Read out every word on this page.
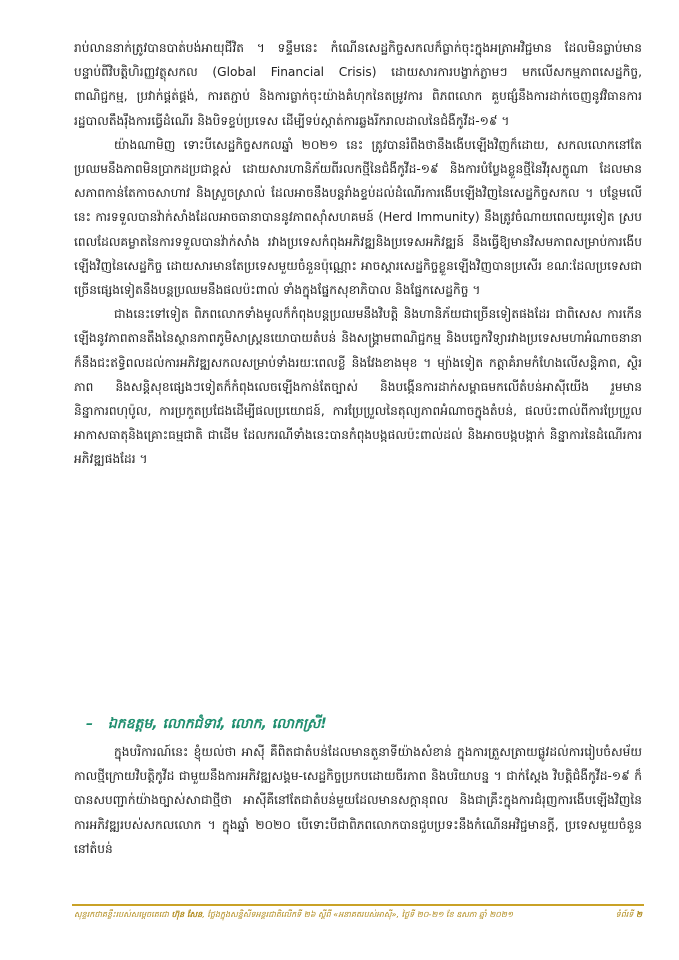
រាប់លាននាក់ត្រូវបានបាត់បង់អាយុជីវិត ។ ទន្ទឹមនេះ កំណើនសេដ្ឋកិច្ចសកលក៏ធ្លាក់ចុះក្នុងអត្រាអវិជ្ជមាន ដែលមិនធ្លាប់មាន បន្ទាប់ពីវិបត្តិហិរញ្ញវត្ថុសកល (Global Financial Crisis) ដោយសារការបង្ខាក់ភ្លាមៗ មកលើសកម្មភាពសេដ្ឋកិច្ច, ពាណិជ្ជកម្ម, ប្រវាក់ផ្គត់ផ្គង់, ការតភ្ជាប់ និងការធ្លាក់ចុះយ៉ាងគំហុកនៃតម្រូវការ ពិភពលោក គួបផ្សំនឹងការដាក់ចេញនូវវិធានការរដ្ឋបាលតឹងរ៉ឹងការធ្វើដំណើរ និងបិទខ្ទប់ប្រទេស ដើម្បីទប់ស្កាត់ការឆ្លងរីករាលដាលនៃជំងឺកូវីដ-១៩ ។

យ៉ាងណាមិញ ទោះបីសេដ្ឋកិច្ចសកលឆ្នាំ ២០២១ នេះ ត្រូវបានរំពឹងថានឹងងើបឡើងវិញក៏ដោយ, សកលលោកនៅតែប្រឈមនឹងភាពមិនប្រាកដប្រជាខ្ពស់ ដោយសារហានិភ័យពីរលកថ្មីនៃជំងឺកូវីដ-១៩ និងការបំប្លែងខ្លួនថ្មីនៃវីរុសក្លូណា ដែលមានសភាពកាន់តែកាចសាហាវ និងស្រួចស្រាល់ ដែលអាចនឹងបន្តរាំងខ្ទប់ដល់ដំណើរការងើបឡើងវិញនៃសេដ្ឋកិច្ចសកល ។ បន្ថែមលើនេះ ការទទួលបានវ៉ាក់សាំងដែលអាចធានាបាននូវភាពស៊ាំសហគមន៍ (Herd Immunity) នឹងត្រូវចំណាយពេលយូរទៀត ស្របពេលដែលគម្លាតនៃការទទួលបានវ៉ាក់សាំង រវាងប្រទេសកំពុងអភិវឌ្ឍនិងប្រទេសអភិវឌ្ឍន៍ នឹងធ្វើឱ្យមានវិសមភាពសម្រាប់ការងើបឡើងវិញនៃសេដ្ឋកិច្ច ដោយសារមានតែប្រទេសមួយចំនួនប៉ុណ្ណោះ អាចស្តារសេដ្ឋកិច្ចខ្លួនឡើងវិញបានប្រសើរ ខណៈដែលប្រទេសជាច្រើនផ្សេងទៀតនឹងបន្តប្រឈមនឹងផលប៉ះពាល់ ទាំងក្នុងផ្នែកសុខាភិបាល និងផ្នែកសេដ្ឋកិច្ច ។

ជាងនេះទៅទៀត ពិភពលោកទាំងមូលក៏កំពុងបន្តប្រឈមនឹងវិបត្តិ និងហានិភ័យជាច្រើនទៀតផងដែរ ជាពិសេស ការកើនឡើងនូវភាពតានតឹងនៃស្ថានភាពភូមិសាស្ត្រនយោបាយតំបន់ និងសង្គ្រាមពាណិជ្ជកម្ម និងបច្ចេកវិទ្យារវាងប្រទេសមហាអំណាចនានា ក៏នឹងជះឥទ្ធិពលដល់ការអភិវឌ្ឍសកលសម្រាប់ទាំងរយៈពេលខ្លី និងវែងខាងមុខ ។ ម្យ៉ាងទៀត កត្តាគំរាមកំហែងលើសន្តិភាព, ស្ថិរភាព និងសន្តិសុខផ្សេងៗទៀតក៏កំពុងលេចឡើងកាន់តែច្បាស់ និងបង្កើនការដាក់សម្ពាធមកលើតំបន់អាស៊ីយើង រួមមាន និន្នាការពហុប៉ូល, ការប្រកួតប្រជែងដើម្បីផលប្រយោជន៍, ការប្រែប្រួលនៃតុល្យភាពអំណាចក្នុងតំបន់, ផលប៉ះពាល់ពីការប្រែប្រួលអាកាសធាតុនិងគ្រោះធម្មជាតិ ជាដើម ដែលករណីទាំងនេះបានកំពុងបង្កផលប៉ះពាល់ដល់ និងអាចបង្កបង្កាក់ និន្នាការនៃដំណើរការអភិវឌ្ឍផងដែរ ។

– ឯកឧត្តម, លោកជំទាវ, លោក, លោកស្រី!

ក្នុងបរិការណ៍នេះ ខ្ញុំយល់ថា អាស៊ី គឺពិតជាតំបន់ដែលមានតួនាទីយ៉ាងសំខាន់ ក្នុងការត្រួសត្រាយផ្លូវដល់ការរៀបចំសម័យកាលថ្មីក្រោយវិបត្តិកូវីដ ជាមួយនឹងការអភិវឌ្ឍសង្គម-សេដ្ឋកិច្ចប្រកបដោយចីរភាព និងបរិយាបន្ន ។ ជាក់ស្តែង វិបត្តិជំងឺកូវីដ-១៩ ក៏បានសបញ្ជាក់យ៉ាងច្បាស់សាជាថ្មីថា អាស៊ីគឺនៅតែជាតំបន់មួយដែលមានសក្តានុពល និងជាគ្រឹះក្នុងការជំរុញការងើបឡើងវិញនៃការអភិវឌ្ឍរបស់សកលលោក ។ ក្នុងឆ្នាំ ២០២០ បើទោះបីជាពិភពលោកបានជួបប្រទះនឹងកំណើនអវិជ្ជមានក្តី, ប្រទេសមួយចំនួននៅតំបន់

សុន្ទរកថាគន្លឹះរបស់សម្តេចតេជោ ហ៊ុន សែន, ថ្លែងក្នុងសន្និសីទអន្តរជាតិលើកទី ២៦ ស្តីពី «អនាគតរបស់អាស៊ី», ថ្ងៃទី ២០-២១ ខែ ឧសភា ឆ្នាំ ២០២១	ទំព័រទី ២
